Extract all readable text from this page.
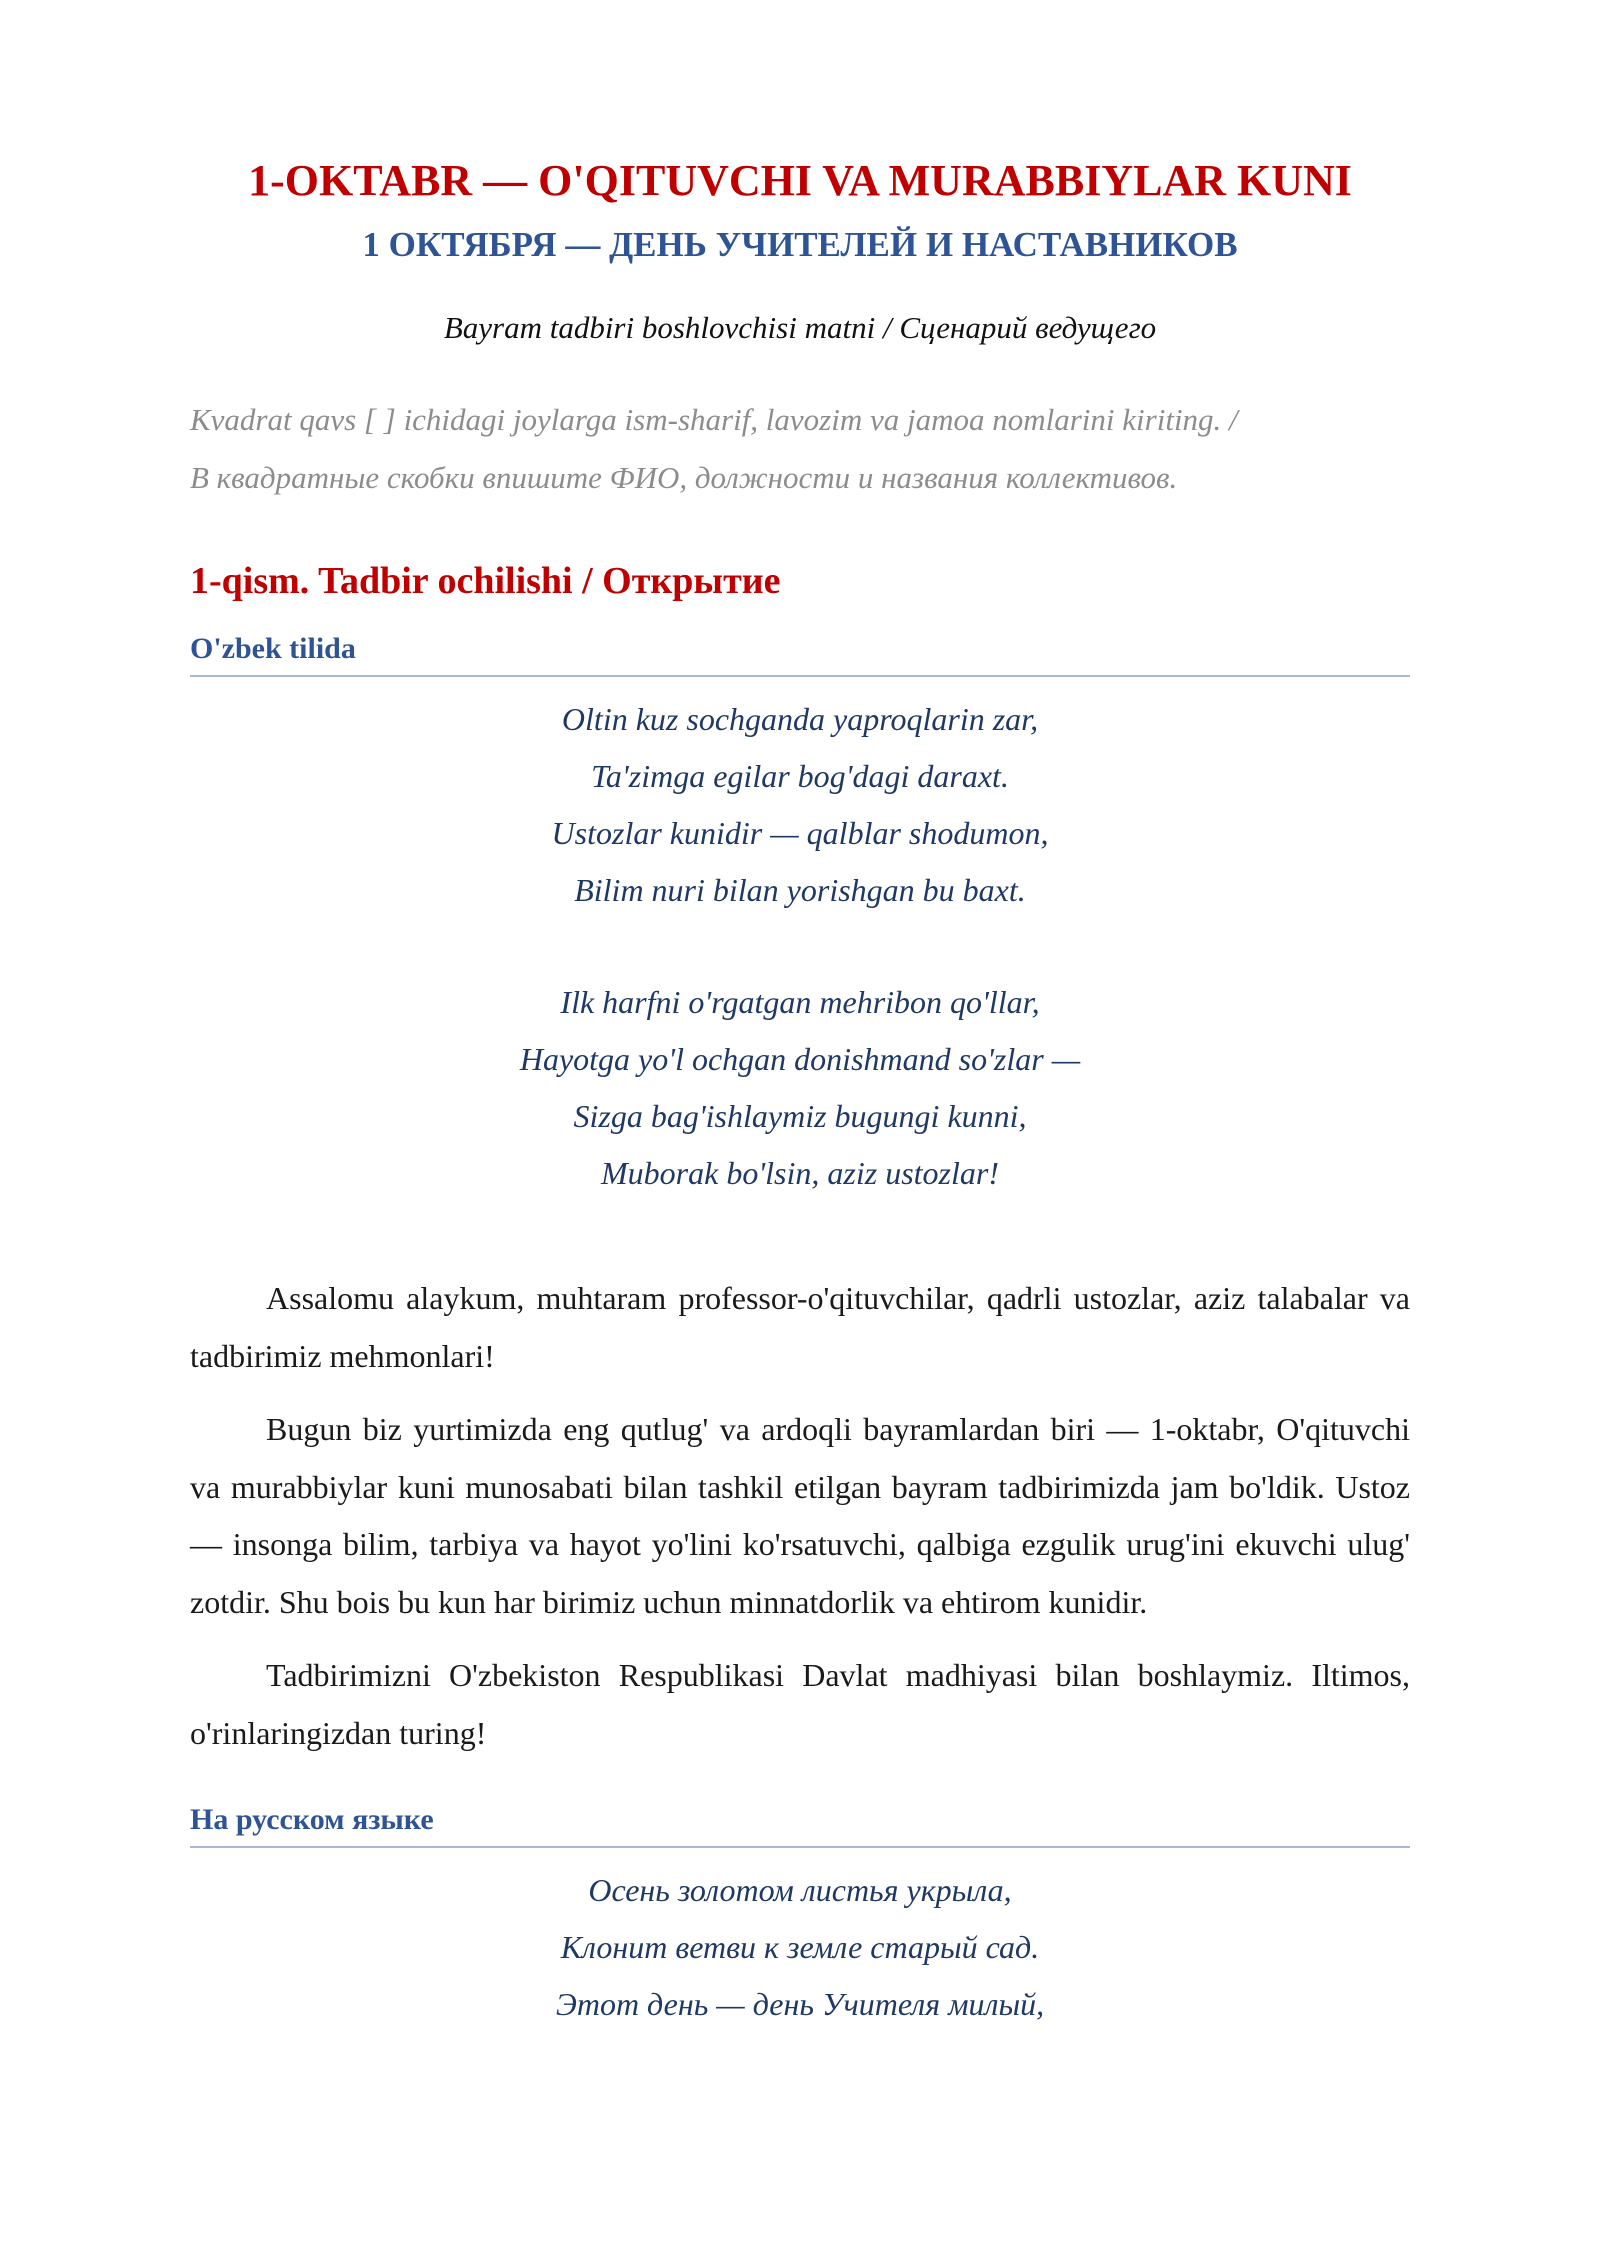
1-OKTABR — O'QITUVCHI VA MURABBIYLAR KUNI
1 ОКТЯБРЯ — ДЕНЬ УЧИТЕЛЕЙ И НАСТАВНИКОВ

Bayram tadbiri boshlovchisi matni / Сценарий ведущего

Kvadrat qavs [ ] ichidagi joylarga ism-sharif, lavozim va jamoa nomlarini kiriting. /
В квадратные скобки впишите ФИО, должности и названия коллективов.

1-qism. Tadbir ochilishi / Открытие
O'zbek tilida

Oltin kuz sochganda yaproqlarin zar,
Ta'zimga egilar bog'dagi daraxt.
Ustozlar kunidir — qalblar shodumon,
Bilim nuri bilan yorishgan bu baxt.

Ilk harfni o'rgatgan mehribon qo'llar,
Hayotga yo'l ochgan donishmand so'zlar —
Sizga bag'ishlaymiz bugungi kunni,
Muborak bo'lsin, aziz ustozlar!

Assalomu alaykum, muhtaram professor-o'qituvchilar, qadrli ustozlar, aziz talabalar va tadbirimiz mehmonlari!

Bugun biz yurtimizda eng qutlug' va ardoqli bayramlardan biri — 1-oktabr, O'qituvchi va murabbiylar kuni munosabati bilan tashkil etilgan bayram tadbirimizda jam bo'ldik. Ustoz — insonga bilim, tarbiya va hayot yo'lini ko'rsatuvchi, qalbiga ezgulik urug'ini ekuvchi ulug' zotdir. Shu bois bu kun har birimiz uchun minnatdorlik va ehtirom kunidir.

Tadbirimizni O'zbekiston Respublikasi Davlat madhiyasi bilan boshlaymiz. Iltimos, o'rinlaringizdan turing!

На русском языке

Осень золотом листья укрыла,
Клонит ветви к земле старый сад.
Этот день — день Учителя милый,
